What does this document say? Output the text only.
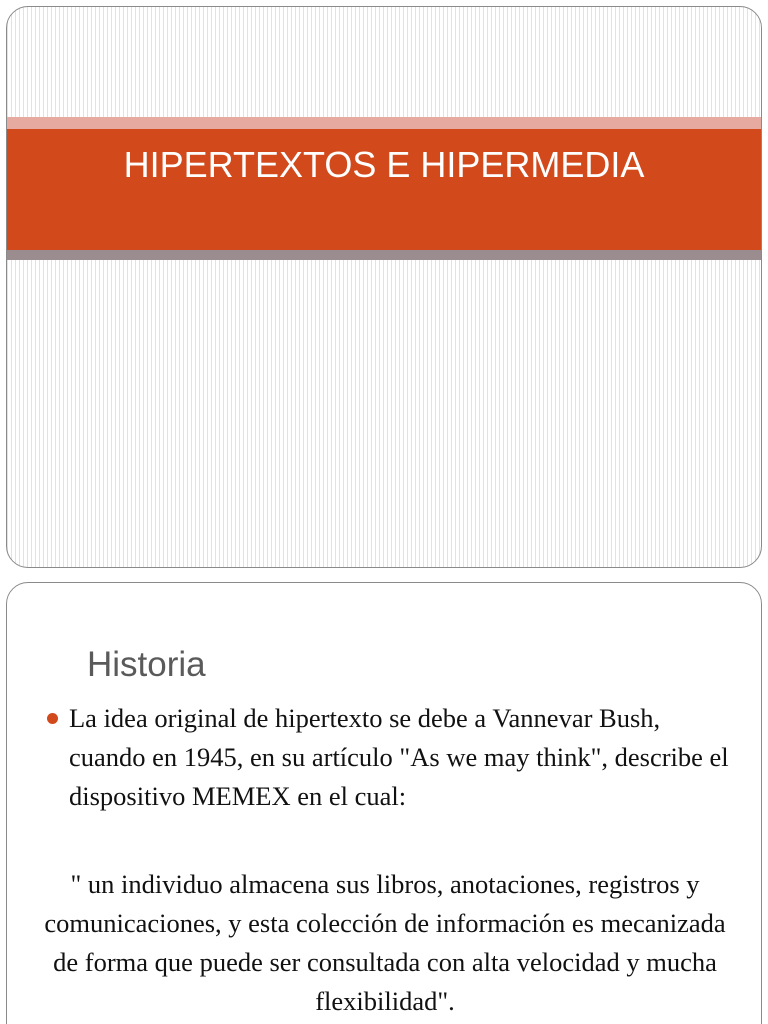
HIPERTEXTOS E HIPERMEDIA
Historia

La idea original de hipertexto se debe a Vannevar Bush, cuando en 1945, en su artículo "As we may think", describe el dispositivo MEMEX en el cual:

" un individuo almacena sus libros, anotaciones, registros y comunicaciones, y esta colección de información es mecanizada de forma que puede ser consultada con alta velocidad y mucha flexibilidad".
